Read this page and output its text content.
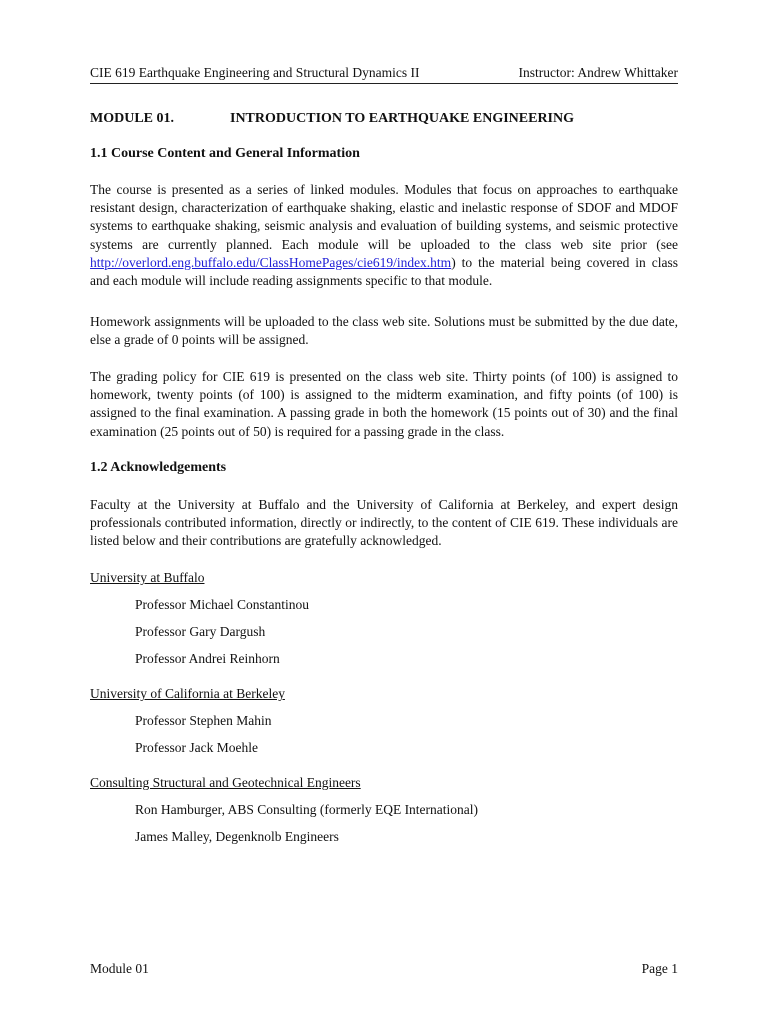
CIE 619 Earthquake Engineering and Structural Dynamics II	Instructor: Andrew Whittaker
MODULE 01.	INTRODUCTION TO EARTHQUAKE ENGINEERING
1.1 Course Content and General Information
The course is presented as a series of linked modules. Modules that focus on approaches to earthquake resistant design, characterization of earthquake shaking, elastic and inelastic response of SDOF and MDOF systems to earthquake shaking, seismic analysis and evaluation of building systems, and seismic protective systems are currently planned. Each module will be uploaded to the class web site prior (see http://overlord.eng.buffalo.edu/ClassHomePages/cie619/index.htm) to the material being covered in class and each module will include reading assignments specific to that module.
Homework assignments will be uploaded to the class web site. Solutions must be submitted by the due date, else a grade of 0 points will be assigned.
The grading policy for CIE 619 is presented on the class web site. Thirty points (of 100) is assigned to homework, twenty points (of 100) is assigned to the midterm examination, and fifty points (of 100) is assigned to the final examination. A passing grade in both the homework (15 points out of 30) and the final examination (25 points out of 50) is required for a passing grade in the class.
1.2 Acknowledgements
Faculty at the University at Buffalo and the University of California at Berkeley, and expert design professionals contributed information, directly or indirectly, to the content of CIE 619. These individuals are listed below and their contributions are gratefully acknowledged.
University at Buffalo
Professor Michael Constantinou
Professor Gary Dargush
Professor Andrei Reinhorn
University of California at Berkeley
Professor Stephen Mahin
Professor Jack Moehle
Consulting Structural and Geotechnical Engineers
Ron Hamburger, ABS Consulting (formerly EQE International)
James Malley, Degenknolb Engineers
Module 01	Page 1
